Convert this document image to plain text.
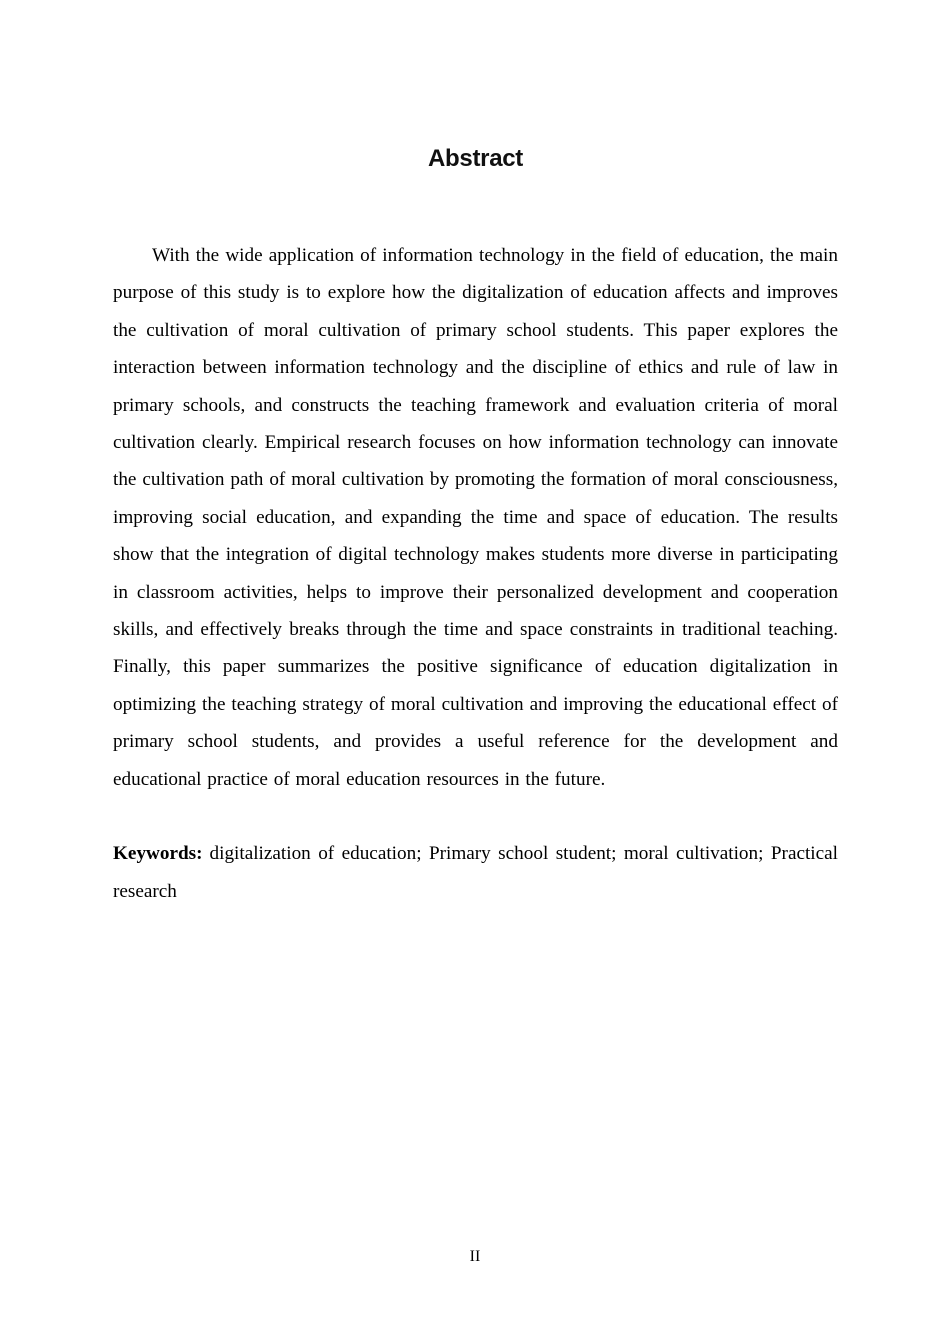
Abstract

With the wide application of information technology in the field of education, the main purpose of this study is to explore how the digitalization of education affects and improves the cultivation of moral cultivation of primary school students. This paper explores the interaction between information technology and the discipline of ethics and rule of law in primary schools, and constructs the teaching framework and evaluation criteria of moral cultivation clearly. Empirical research focuses on how information technology can innovate the cultivation path of moral cultivation by promoting the formation of moral consciousness, improving social education, and expanding the time and space of education. The results show that the integration of digital technology makes students more diverse in participating in classroom activities, helps to improve their personalized development and cooperation skills, and effectively breaks through the time and space constraints in traditional teaching. Finally, this paper summarizes the positive significance of education digitalization in optimizing the teaching strategy of moral cultivation and improving the educational effect of primary school students, and provides a useful reference for the development and educational practice of moral education resources in the future.

Keywords: digitalization of education; Primary school student; moral cultivation; Practical research

II
